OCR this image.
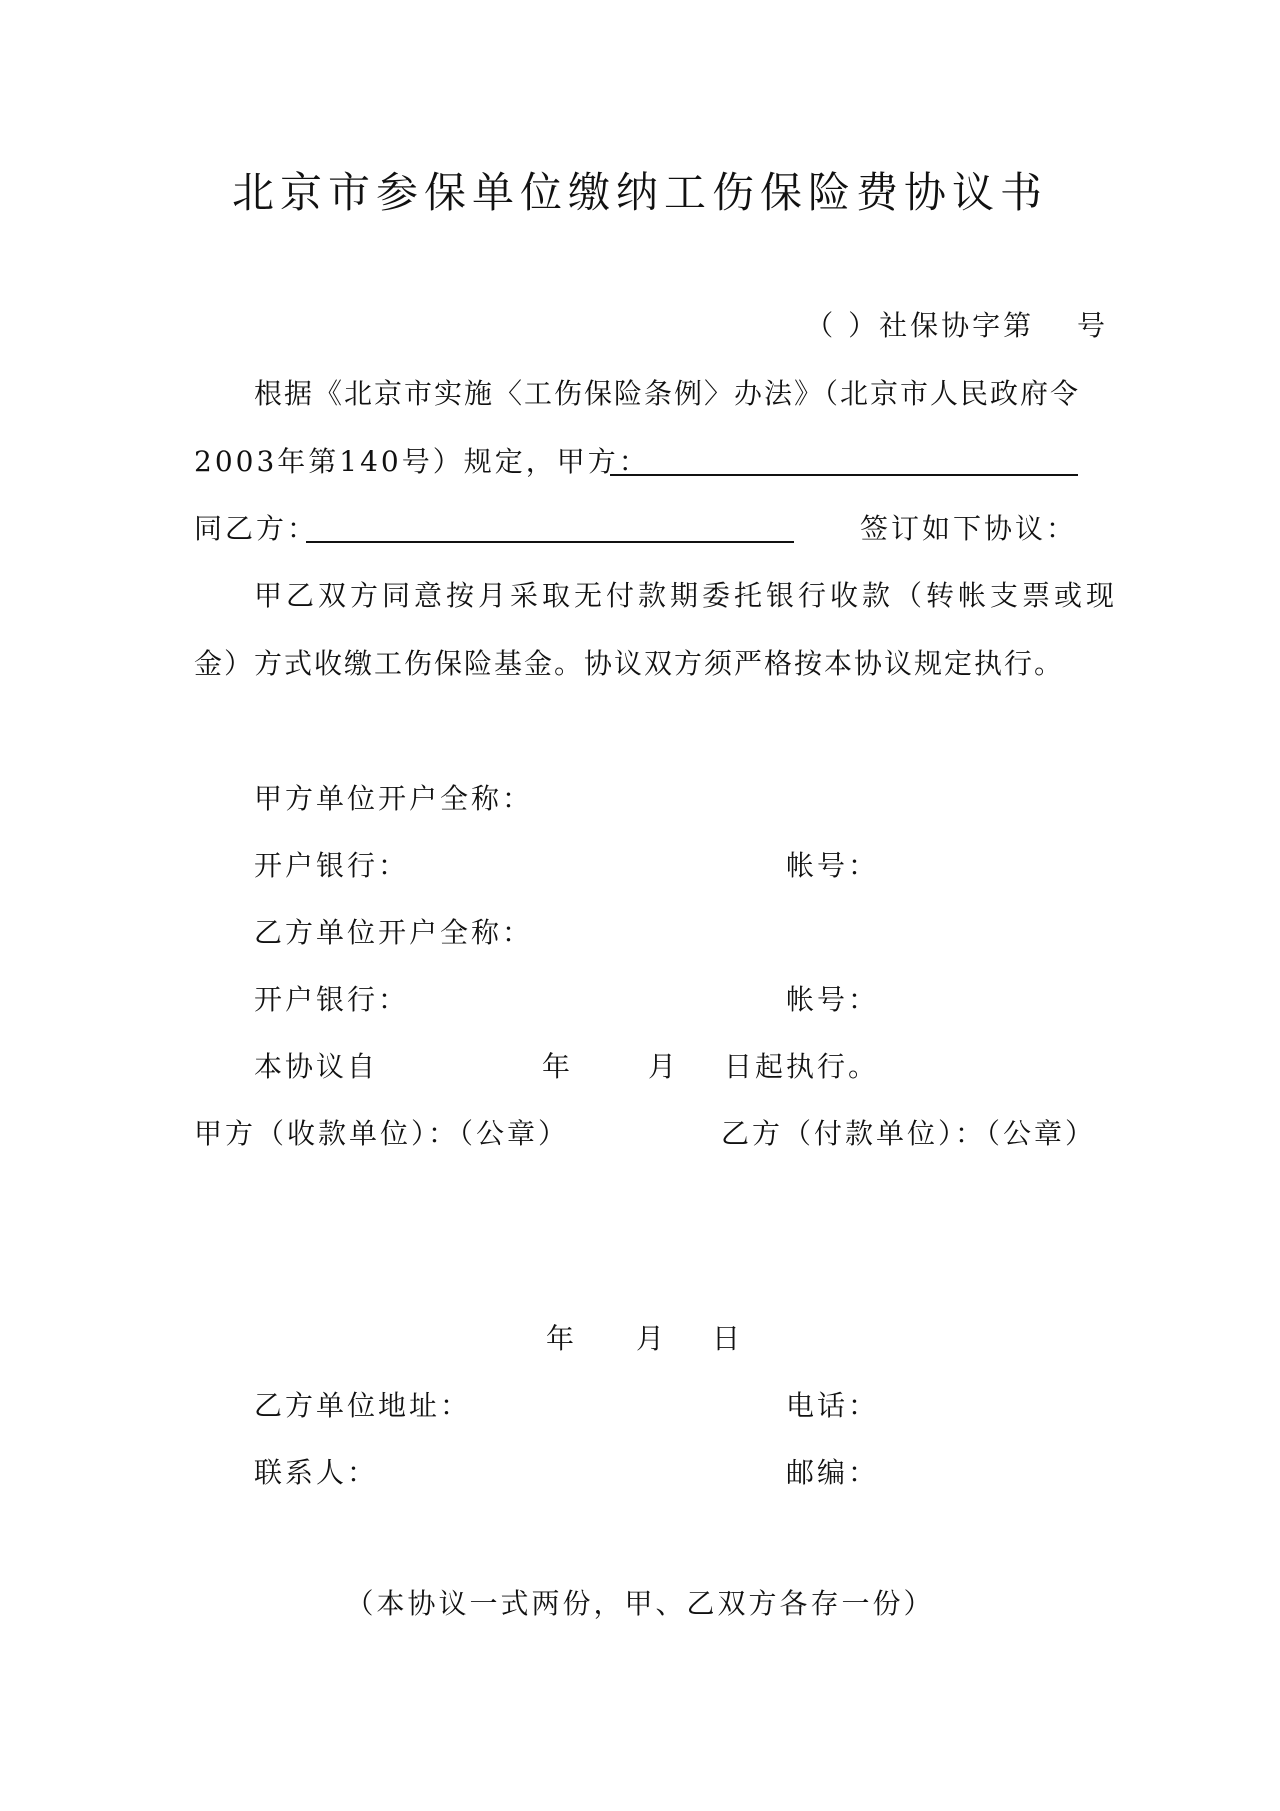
北京市参保单位缴纳工伤保险费协议书
（ ）社保协字第 　号
根据《北京市实施〈工伤保险条例〉办法》（北京市人民政府令
2003年第140号）规定，甲方：
同乙方：	签订如下协议：
甲乙双方同意按月采取无付款期委托银行收款（转帐支票或现
金）方式收缴工伤保险基金。协议双方须严格按本协议规定执行。
甲方单位开户全称：
开户银行：	帐号：
乙方单位开户全称：
开户银行：	帐号：
本协议自	年	月 日起执行。
甲方（收款单位）：（公章）	乙方（付款单位）：（公章）
年 月 日
乙方单位地址：	电话：
联系人：	邮编：
（本协议一式两份，甲、乙双方各存一份）
